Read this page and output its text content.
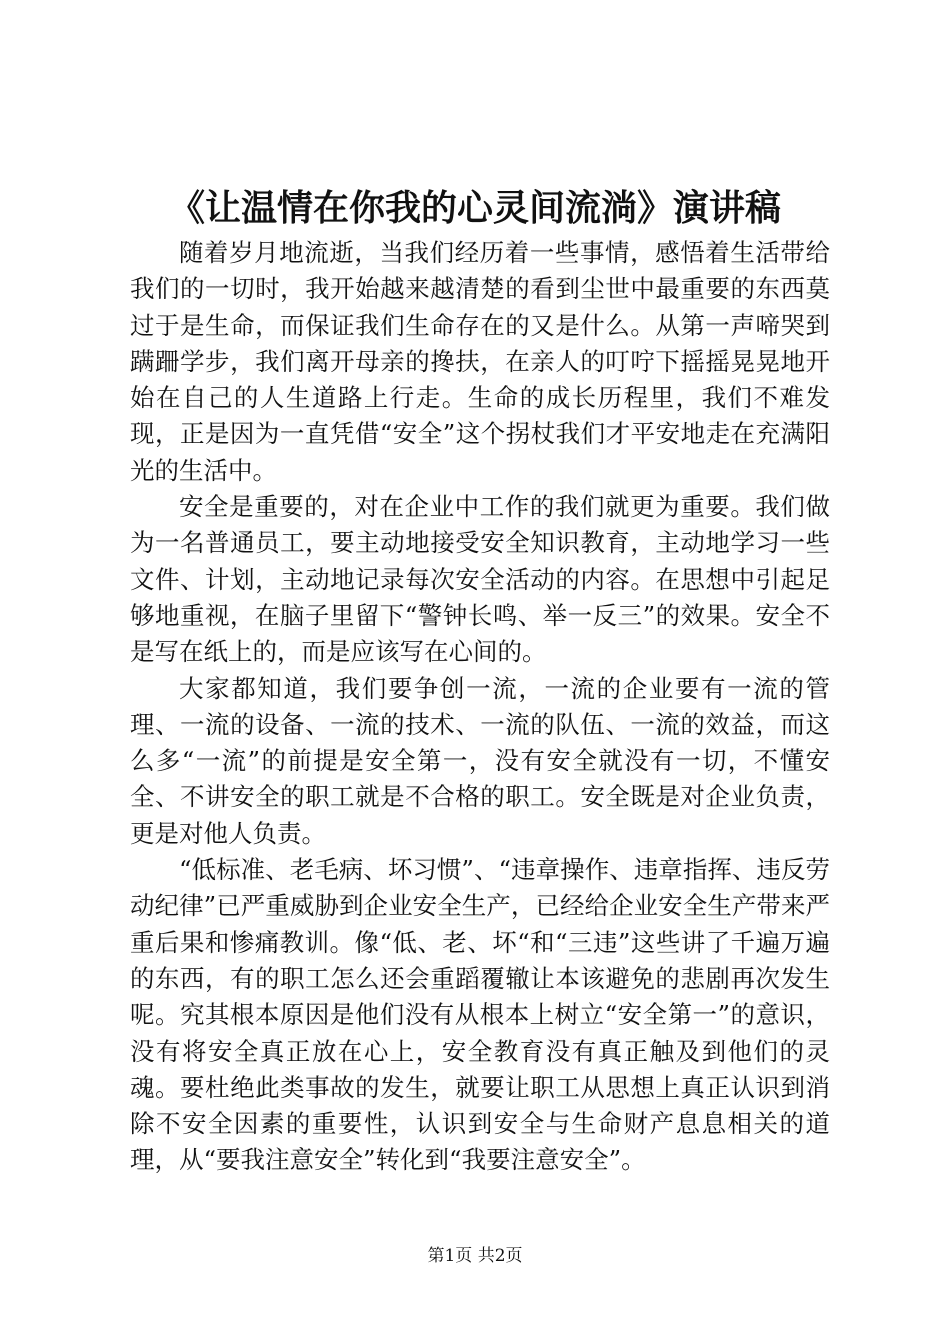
《让温情在你我的心灵间流淌》演讲稿

随着岁月地流逝，当我们经历着一些事情，感悟着生活带给我们的一切时，我开始越来越清楚的看到尘世中最重要的东西莫过于是生命，而保证我们生命存在的又是什么。从第一声啼哭到蹒跚学步，我们离开母亲的搀扶，在亲人的叮咛下摇摇晃晃地开始在自己的人生道路上行走。生命的成长历程里，我们不难发现，正是因为一直凭借“安全”这个拐杖我们才平安地走在充满阳光的生活中。

安全是重要的，对在企业中工作的我们就更为重要。我们做为一名普通员工，要主动地接受安全知识教育，主动地学习一些文件、计划，主动地记录每次安全活动的内容。在思想中引起足够地重视，在脑子里留下“警钟长鸣、举一反三”的效果。安全不是写在纸上的，而是应该写在心间的。

大家都知道，我们要争创一流，一流的企业要有一流的管理、一流的设备、一流的技术、一流的队伍、一流的效益，而这么多“一流”的前提是安全第一，没有安全就没有一切，不懂安全、不讲安全的职工就是不合格的职工。安全既是对企业负责，更是对他人负责。

“低标准、老毛病、坏习惯”、“违章操作、违章指挥、违反劳动纪律”已严重威胁到企业安全生产，已经给企业安全生产带来严重后果和惨痛教训。像“低、老、坏“和“三违”这些讲了千遍万遍的东西，有的职工怎么还会重蹈覆辙让本该避免的悲剧再次发生呢。究其根本原因是他们没有从根本上树立“安全第一”的意识，没有将安全真正放在心上，安全教育没有真正触及到他们的灵魂。要杜绝此类事故的发生，就要让职工从思想上真正认识到消除不安全因素的重要性，认识到安全与生命财产息息相关的道理，从“要我注意安全”转化到“我要注意安全”。

第1页 共2页
